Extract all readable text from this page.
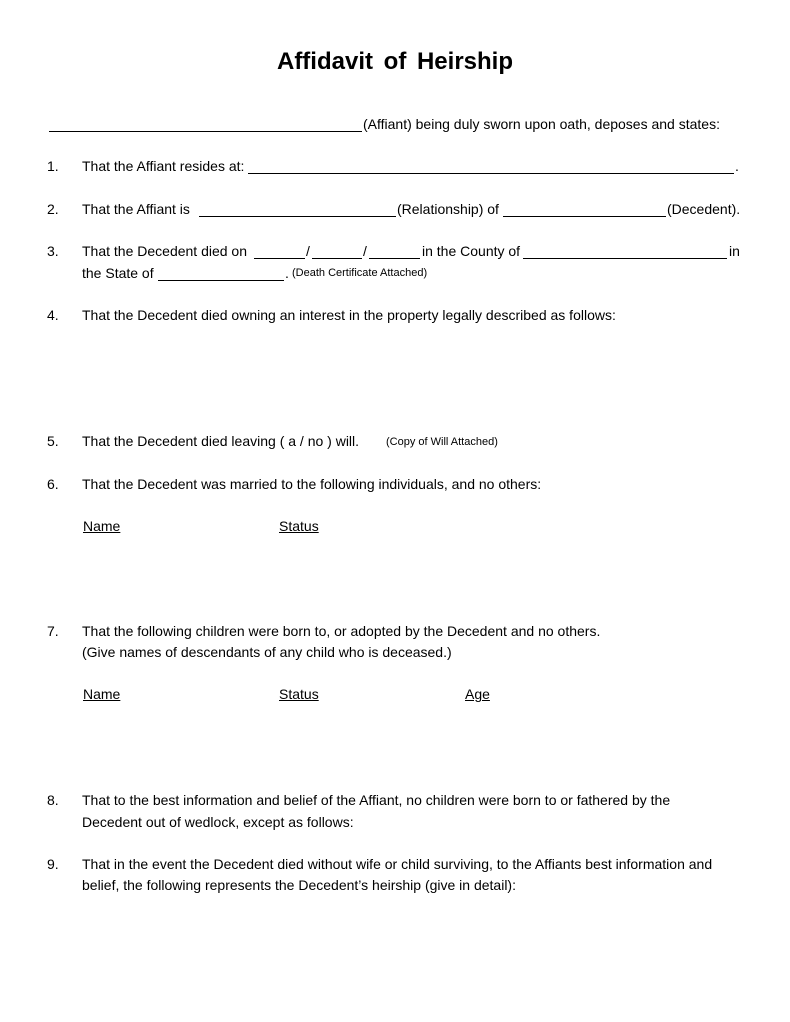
Affidavit of Heirship
(Affiant) being duly sworn upon oath, deposes and states:
1. That the Affiant resides at:	.
2. That the Affiant is	(Relationship) of	(Decedent).
3. That the Decedent died on	/	/	in the County of	in
the State of	. (Death Certificate Attached)
4. That the Decedent died owning an interest in the property legally described as follows:
5. That the Decedent died leaving ( a / no ) will. (Copy of Will Attached)
6. That the Decedent was married to the following individuals, and no others:
Name	Status
7. That the following children were born to, or adopted by the Decedent and no others.
(Give names of descendants of any child who is deceased.)
Name	Status	Age
8. That to the best information and belief of the Affiant, no children were born to or fathered by the
Decedent out of wedlock, except as follows:
9. That in the event the Decedent died without wife or child surviving, to the Affiants best information and
belief, the following represents the Decedent’s heirship (give in detail):
